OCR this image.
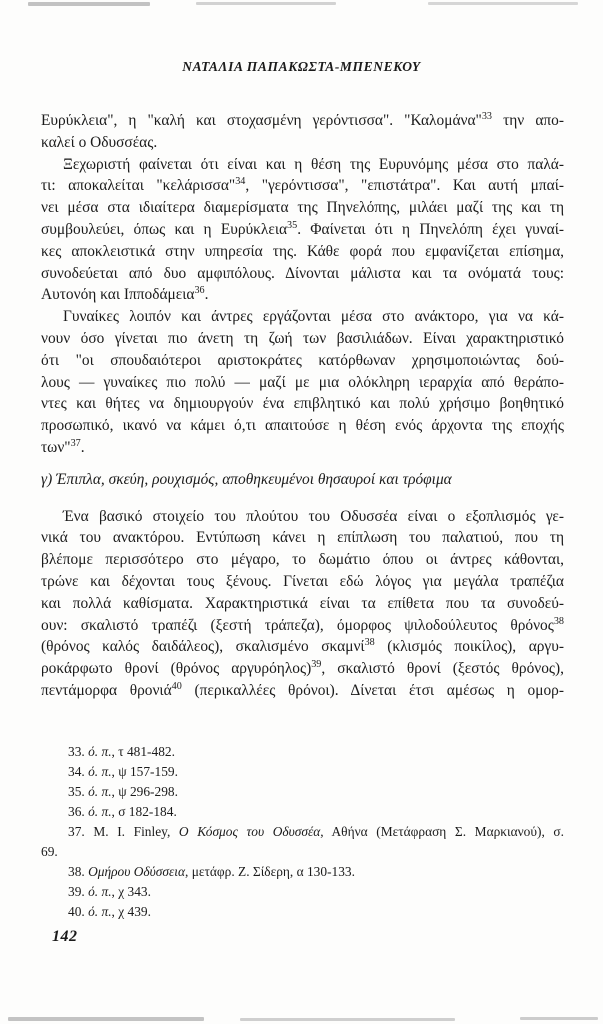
ΝΑΤΑΛΙΑ ΠΑΠΑΚΩΣΤΑ-ΜΠΕΝΕΚΟΥ
Ευρύκλεια", η "καλή και στοχασμένη γερόντισσα". "Καλομάνα"$^{33}$ την απο-
καλεί ο Οδυσσέας.
Ξεχωριστή φαίνεται ότι είναι και η θέση της Ευρυνόμης μέσα στο παλά-
τι: αποκαλείται "κελάρισσα"$^{34}$, "γερόντισσα", "επιστάτρα". Και αυτή μπαί-
νει μέσα στα ιδιαίτερα διαμερίσματα της Πηνελόπης, μιλάει μαζί της και τη
συμβουλεύει, όπως και η Ευρύκλεια$^{35}$. Φαίνεται ότι η Πηνελόπη έχει γυναί-
κες αποκλειστικά στην υπηρεσία της. Κάθε φορά που εμφανίζεται επίσημα,
συνοδεύεται από δυο αμφιπόλους. Δίνονται μάλιστα και τα ονόματά τους:
Αυτονόη και Ιπποδάμεια$^{36}$.
Γυναίκες λοιπόν και άντρες εργάζονται μέσα στο ανάκτορο, για να κά-
νουν όσο γίνεται πιο άνετη τη ζωή των βασιλιάδων. Είναι χαρακτηριστικό
ότι "οι σπουδαιότεροι αριστοκράτες κατόρθωναν χρησιμοποιώντας δού-
λους — γυναίκες πιο πολύ — μαζί με μια ολόκληρη ιεραρχία από θεράπο-
ντες και θήτες να δημιουργούν ένα επιβλητικό και πολύ χρήσιμο βοηθητικό
προσωπικό, ικανό να κάμει ό,τι απαιτούσε η θέση ενός άρχοντα της εποχής
των"$^{37}$.
γ) Έπιπλα, σκεύη, ρουχισμός, αποθηκευμένοι θησαυροί και τρόφιμα
Ένα βασικό στοιχείο του πλούτου του Οδυσσέα είναι ο εξοπλισμός γε-
νικά του ανακτόρου. Εντύπωση κάνει η επίπλωση του παλατιού, που τη
βλέπομε περισσότερο στο μέγαρο, το δωμάτιο όπου οι άντρες κάθονται,
τρώνε και δέχονται τους ξένους. Γίνεται εδώ λόγος για μεγάλα τραπέζια
και πολλά καθίσματα. Χαρακτηριστικά είναι τα επίθετα που τα συνοδεύ-
ουν: σκαλιστό τραπέζι (ξεστή τράπεζα), όμορφος ψιλοδούλευτος θρόνος$^{38}$
(θρόνος καλός δαιδάλεος), σκαλισμένο σκαμνί$^{38}$ (κλισμός ποικίλος), αργυ-
ροκάρφωτο θρονί (θρόνος αργυρόηλος)$^{39}$, σκαλιστό θρονί (ξεστός θρόνος),
πεντάμορφα θρονιά$^{40}$ (περικαλλέες θρόνοι). Δίνεται έτσι αμέσως η ομορ-
33. ό. π., τ 481-482.
34. ό. π., ψ 157-159.
35. ό. π., ψ 296-298.
36. ό. π., σ 182-184.
37. M. I. Finley, Ο Κόσμος του Οδυσσέα, Αθήνα (Μετάφραση Σ. Μαρκιανού), σ.
69.
38. Ομήρου Οδύσσεια, μετάφρ. Ζ. Σίδερη, α 130-133.
39. ό. π., χ 343.
40. ό. π., χ 439.
142
